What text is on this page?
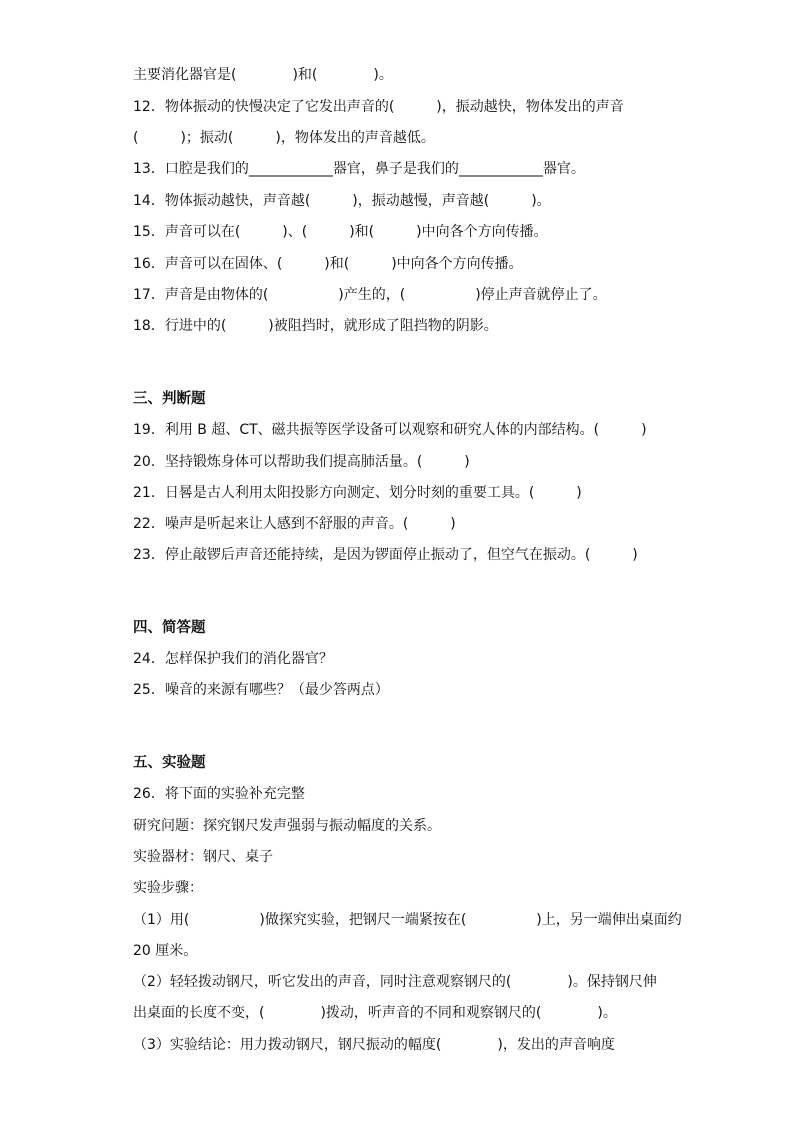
主要消化器官是(　　　　)和(　　　　)。
12．物体振动的快慢决定了它发出声音的(　　　)，振动越快，物体发出的声音
(　　　)；振动(　　　)，物体发出的声音越低。
13．口腔是我们的____________器官，鼻子是我们的____________器官。
14．物体振动越快，声音越(　　　)，振动越慢，声音越(　　　)。
15．声音可以在(　　　)、(　　　)和(　　　)中向各个方向传播。
16．声音可以在固体、(　　　)和(　　　)中向各个方向传播。
17．声音是由物体的(　　　　　)产生的，(　　　　　)停止声音就停止了。
18．行进中的(　　　)被阻挡时，就形成了阻挡物的阴影。
三、判断题
19．利用 B 超、CT、磁共振等医学设备可以观察和研究人体的内部结构。(　　　)
20．坚持锻炼身体可以帮助我们提高肺活量。(　　　)
21．日晷是古人利用太阳投影方向测定、划分时刻的重要工具。(　　　)
22．噪声是听起来让人感到不舒服的声音。(　　　)
23．停止敲锣后声音还能持续，是因为锣面停止振动了，但空气在振动。(　　　)
四、简答题
24．怎样保护我们的消化器官？
25．噪音的来源有哪些？（最少答两点）
五、实验题
26．将下面的实验补充完整
研究问题：探究钢尺发声强弱与振动幅度的关系。
实验器材：钢尺、桌子
实验步骤：
（1）用(　　　　　)做探究实验，把钢尺一端紧按在(　　　　　)上，另一端伸出桌面约
20 厘米。
（2）轻轻拨动钢尺，听它发出的声音，同时注意观察钢尺的(　　　　)。保持钢尺伸
出桌面的长度不变，(　　　　)拨动，听声音的不同和观察钢尺的(　　　　)。
（3）实验结论：用力拨动钢尺，钢尺振动的幅度(　　　　)，发出的声音响度
